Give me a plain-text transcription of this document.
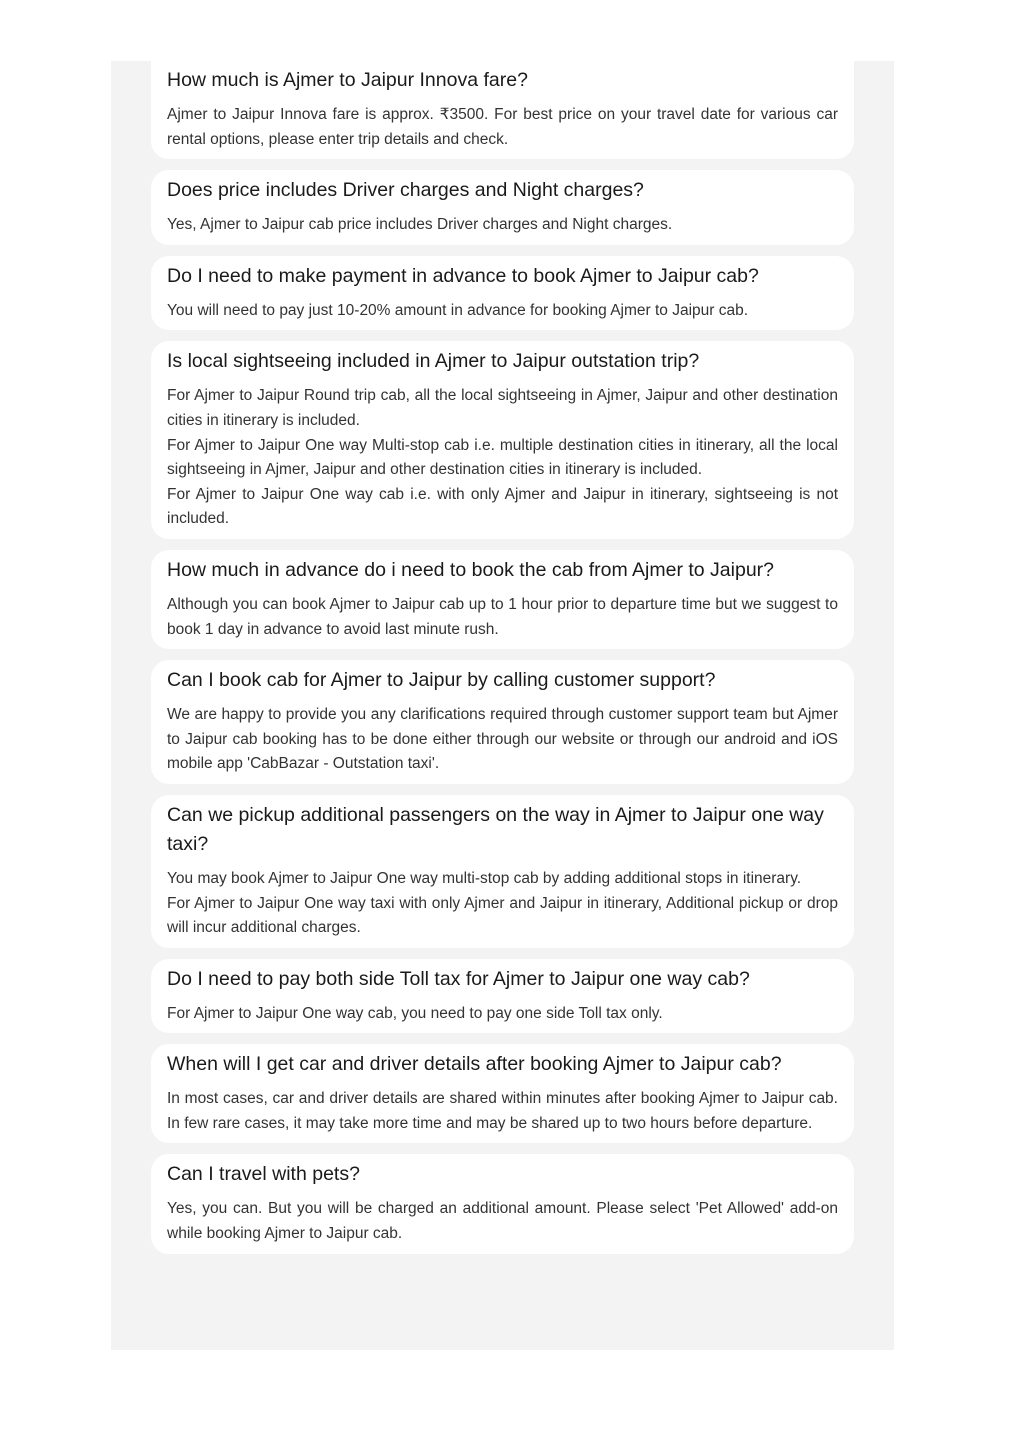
How much is Ajmer to Jaipur Innova fare?

Ajmer to Jaipur Innova fare is approx. ₹3500. For best price on your travel date for various car rental options, please enter trip details and check.

Does price includes Driver charges and Night charges?

Yes, Ajmer to Jaipur cab price includes Driver charges and Night charges.

Do I need to make payment in advance to book Ajmer to Jaipur cab?

You will need to pay just 10-20% amount in advance for booking Ajmer to Jaipur cab.

Is local sightseeing included in Ajmer to Jaipur outstation trip?

For Ajmer to Jaipur Round trip cab, all the local sightseeing in Ajmer, Jaipur and other destination cities in itinerary is included.
For Ajmer to Jaipur One way Multi-stop cab i.e. multiple destination cities in itinerary, all the local sightseeing in Ajmer, Jaipur and other destination cities in itinerary is included.
For Ajmer to Jaipur One way cab i.e. with only Ajmer and Jaipur in itinerary, sightseeing is not included.

How much in advance do i need to book the cab from Ajmer to Jaipur?

Although you can book Ajmer to Jaipur cab up to 1 hour prior to departure time but we suggest to book 1 day in advance to avoid last minute rush.

Can I book cab for Ajmer to Jaipur by calling customer support?

We are happy to provide you any clarifications required through customer support team but Ajmer to Jaipur cab booking has to be done either through our website or through our android and iOS mobile app 'CabBazar - Outstation taxi'.

Can we pickup additional passengers on the way in Ajmer to Jaipur one way taxi?

You may book Ajmer to Jaipur One way multi-stop cab by adding additional stops in itinerary.
For Ajmer to Jaipur One way taxi with only Ajmer and Jaipur in itinerary, Additional pickup or drop will incur additional charges.

Do I need to pay both side Toll tax for Ajmer to Jaipur one way cab?

For Ajmer to Jaipur One way cab, you need to pay one side Toll tax only.

When will I get car and driver details after booking Ajmer to Jaipur cab?

In most cases, car and driver details are shared within minutes after booking Ajmer to Jaipur cab. In few rare cases, it may take more time and may be shared up to two hours before departure.

Can I travel with pets?

Yes, you can. But you will be charged an additional amount. Please select 'Pet Allowed' add-on while booking Ajmer to Jaipur cab.
